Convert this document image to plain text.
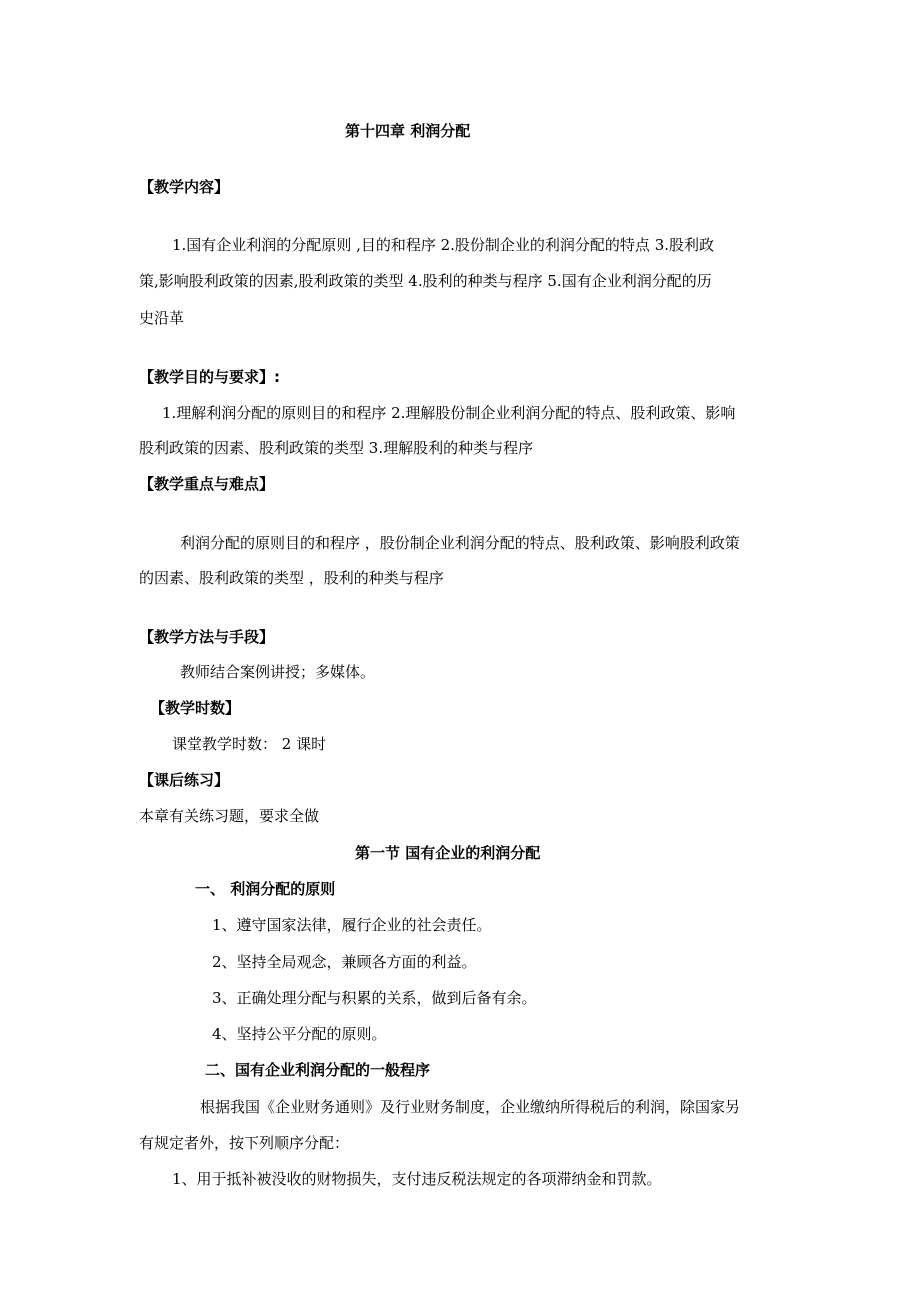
第十四章 利润分配
【教学内容】
1.国有企业利润的分配原则 ,目的和程序 2.股份制企业的利润分配的特点 3.股利政
策,影响股利政策的因素,股利政策的类型 4.股利的种类与程序 5.国有企业利润分配的历
史沿革
【教学目的与要求】:
1.理解利润分配的原则目的和程序 2.理解股份制企业利润分配的特点、股利政策、影响
股利政策的因素、股利政策的类型 3.理解股利的种类与程序
【教学重点与难点】
利润分配的原则目的和程序 ，股份制企业利润分配的特点、股利政策、影响股利政策
的因素、股利政策的类型 ，股利的种类与程序
【教学方法与手段】
教师结合案例讲授；多媒体。
【教学时数】
课堂教学时数： 2 课时
【课后练习】
本章有关练习题，要求全做
第一节 国有企业的利润分配
一、 利润分配的原则
1、遵守国家法律，履行企业的社会责任。
2、坚持全局观念，兼顾各方面的利益。
3、正确处理分配与积累的关系，做到后备有余。
4、坚持公平分配的原则。
二、国有企业利润分配的一般程序
根据我国《企业财务通则》及行业财务制度，企业缴纳所得税后的利润，除国家另
有规定者外，按下列顺序分配：
1、用于抵补被没收的财物损失，支付违反税法规定的各项滞纳金和罚款。
